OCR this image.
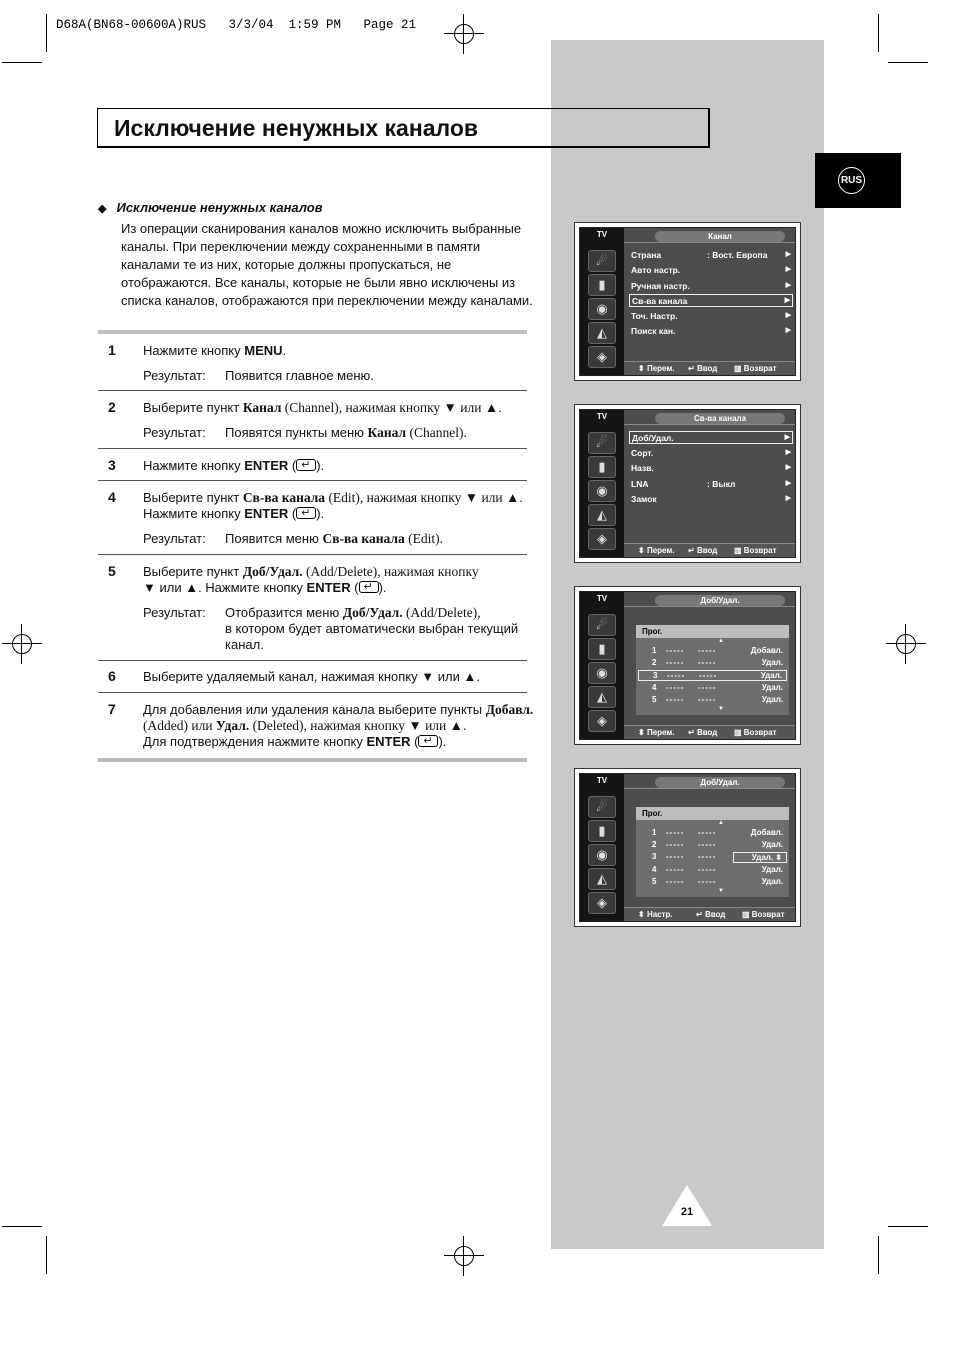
D68A(BN68-00600A)RUS   3/3/04  1:59 PM   Page 21
RUS
Исключение ненужных каналов
◆ Исключение ненужных каналов
Из операции сканирования каналов можно исключить выбранные каналы. При переключении между сохраненными в памяти каналами те из них, которые должны пропускаться, не отображаются. Все каналы, которые не были явно исключены из списка каналов, отображаются при переключении между каналами.
1 Нажмите кнопку MENU.
Результат: Появится главное меню.
2 Выберите пункт Канал (Channel), нажимая кнопку ▼ или ▲.
Результат: Появятся пункты меню Канал (Channel).
3 Нажмите кнопку ENTER ( ↵ ).
4 Выберите пункт Св-ва канала (Edit), нажимая кнопку ▼ или ▲.
Нажмите кнопку ENTER ( ↵ ).
Результат: Появится меню Св-ва канала (Edit).
5 Выберите пункт Доб/Удал. (Add/Delete), нажимая кнопку
▼ или ▲. Нажмите кнопку ENTER ( ↵ ).
Результат: Отобразится меню Доб/Удал. (Add/Delete),
в котором будет автоматически выбран текущий
канал.
6 Выберите удаляемый канал, нажимая кнопку ▼ или ▲.
7 Для добавления или удаления канала выберите пункты Добавл.
(Added) или Удал. (Deleted), нажимая кнопку ▼ или ▲.
Для подтверждения нажмите кнопку ENTER ( ↵ ).
TV
☄
▮
◉
◭
◈
Канал
Страна	: Вост. Европа	▶
Авто настр.	▶
Ручная настр.	▶
Св-ва канала	▶
Точ. Настр.	▶
Поиск кан.	▶
⬍ Перем. ↵ Ввод ▥ Возврат
TV
☄
▮
◉
◭
◈
Св-ва канала
Доб/Удал.	▶
Сорт.	▶
Назв.	▶
LNA	: Выкл	▶
Замок	▶
⬍ Перем. ↵ Ввод ▥ Возврат
TV
☄
▮
◉
◭
◈
Доб/Удал.
Прог.
▲
1 ----- -----	Добавл.
2 ----- -----	Удал.
3 ----- -----	Удал.
4 ----- -----	Удал.
5 ----- -----	Удал.
▼
⬍ Перем. ↵ Ввод ▥ Возврат
TV
☄
▮
◉
◭
◈
Доб/Удал.
Прог.
▲
1 ----- -----	Добавл.
2 ----- -----	Удал.
3 ----- -----	Удал. ⬍
4 ----- -----	Удал.
5 ----- -----	Удал.
▼
⬍ Настр.	↵ Ввод ▥ Возврат
21
